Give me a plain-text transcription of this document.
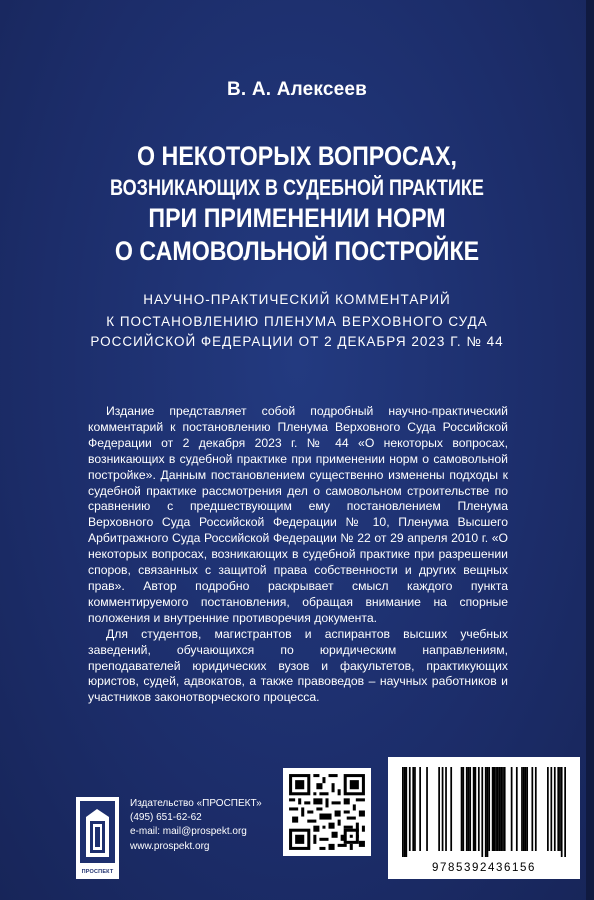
В. А. Алексеев
О НЕКОТОРЫХ ВОПРОСАХ,
ВОЗНИКАЮЩИХ В СУДЕБНОЙ ПРАКТИКЕ
ПРИ ПРИМЕНЕНИИ НОРМ
О САМОВОЛЬНОЙ ПОСТРОЙКЕ
НАУЧНО-ПРАКТИЧЕСКИЙ КОММЕНТАРИЙ
К ПОСТАНОВЛЕНИЮ ПЛЕНУМА ВЕРХОВНОГО СУДА
РОССИЙСКОЙ ФЕДЕРАЦИИ ОТ 2 ДЕКАБРЯ 2023 Г. № 44

Издание представляет собой подробный научно-практический комментарий к постановлению Пленума Верховного Суда Российской Федерации от 2 декабря 2023 г. № 44 «О некоторых вопросах, возникающих в судебной практике при применении норм о самовольной постройке». Данным постановлением существенно изменены подходы к судебной практике рассмотрения дел о самовольном строительстве по сравнению с предшествующим ему постановлением Пленума Верховного Суда Российской Федерации № 10, Пленума Высшего Арбитражного Суда Российской Федерации № 22 от 29 апреля 2010 г. «О некоторых вопросах, возникающих в судебной практике при разрешении споров, связанных с защитой права собственности и других вещных прав». Автор подробно раскрывает смысл каждого пункта комментируемого постановления, обращая внимание на спорные положения и внутренние противоречия документа.

Для студентов, магистрантов и аспирантов высших учебных заведений, обучающихся по юридическим направлениям, преподавателей юридических вузов и факультетов, практикующих юристов, судей, адвокатов, а также правоведов – научных работников и участников законотворческого процесса.

ПРОСПЕКТ
Издательство «ПРОСПЕКТ»
(495) 651-62-62
e-mail: mail@prospekt.org
www.prospekt.org
9785392436156
